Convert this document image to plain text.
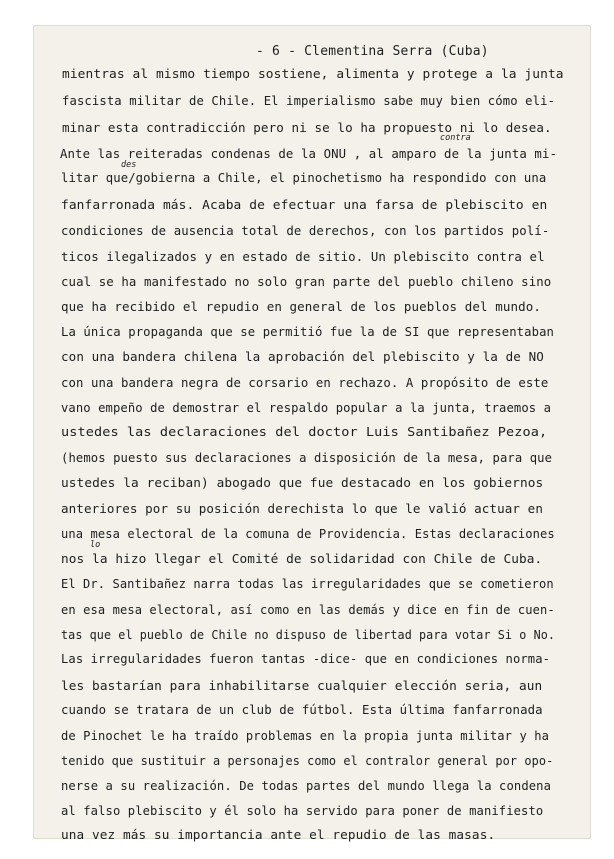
- 6 - Clementina Serra (Cuba)
mientras al mismo tiempo sostiene, alimenta y protege a la junta
fascista militar de Chile. El imperialismo sabe muy bien cómo eli-
minar esta contradicción pero ni se lo ha propuesto ni lo desea.
Ante las reiteradas condenas de la ONU , al amparo de la junta mi-
litar que/gobierna a Chile, el pinochetismo ha respondido con una
fanfarronada más. Acaba de efectuar una farsa de plebiscito en
condiciones de ausencia total de derechos, con los partidos polí-
ticos ilegalizados y en estado de sitio. Un plebiscito contra el
cual se ha manifestado no solo gran parte del pueblo chileno sino
que ha recibido el repudio en general de los pueblos del mundo.
La única propaganda que se permitió fue la de SI que representaban
con una bandera chilena la aprobación del plebiscito y la de NO
con una bandera negra de corsario en rechazo. A propósito de este
vano empeño de demostrar el respaldo popular a la junta, traemos a
ustedes las declaraciones del doctor Luis Santibañez Pezoa,
(hemos puesto sus declaraciones a disposición de la mesa, para que
ustedes la reciban) abogado que fue destacado en los gobiernos
anteriores por su posición derechista lo que le valió actuar en
una mesa electoral de la comuna de Providencia. Estas declaraciones
nos la hizo llegar el Comité de solidaridad con Chile de Cuba.
El Dr. Santibañez narra todas las irregularidades que se cometieron
en esa mesa electoral, así como en las demás y dice en fin de cuen-
tas que el pueblo de Chile no dispuso de libertad para votar Si o No.
Las irregularidades fueron tantas -dice- que en condiciones norma-
les bastarían para inhabilitarse cualquier elección seria, aun
cuando se tratara de un club de fútbol. Esta última fanfarronada
de Pinochet le ha traído problemas en la propia junta militar y ha
tenido que sustituir a personajes como el contralor general por opo-
nerse a su realización. De todas partes del mundo llega la condena
al falso plebiscito y él solo ha servido para poner de manifiesto
una vez más su importancia ante el repudio de las masas.
contra
des
lo
